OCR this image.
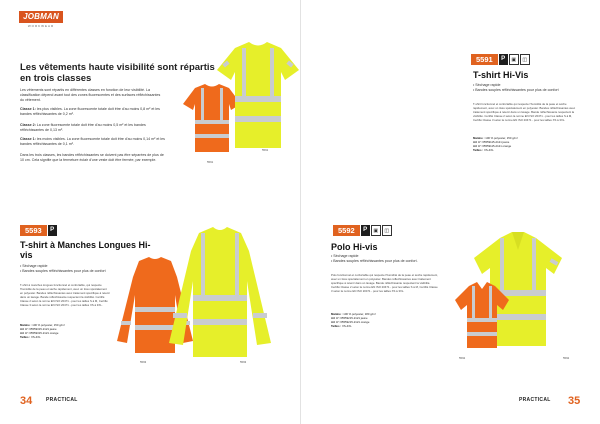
JOBMAN
WORKWEAR
Les vêtements haute visibilité sont répartis en trois classes
Les vêtements sont répartis en différentes classes en fonction de leur visibilité. La classification dépend avant tout des zones fluorescentes et des surfaces réfléchissantes du vêtement.
Classe 1: les plus visibles. La zone fluorescente totale doit être d'au moins 0,8 m² et les bandes réfléchissantes de 0,2 m².
Classe 2: La zone fluorescente totale doit être d'au moins 0,5 m² et les bandes réfléchissantes de 0,13 m².
Classe 1: les moins visibles. La zone fluorescente totale doit être d'au moins 0,14 m² et les bandes réfléchissantes de 0,1 m².
Dans les trois classes, les bandes réfléchissantes se doivent pas être séparées de plus de 10 cm. Cela signifie que la fermeture éclair d'une veste doit être fermée, par exemple.
5591
5591
5593	P
T-shirt à Manches Longues Hi-vis
• Séchage rapide
• Bandes souples réfléchissantes pour plus de confort
T-shirt à manches longues fonctionnel et confortable, qui respecte l'humidité de la peau et sèche rapidement, avec un tissu spécialement en polyester. Bandes réfléchissantes avec traitement spécifique à retenir dans un lavage. Bande réfléchissante respectent la visibilité. Certifié Classe 2 selon la norme EN ISO 20471 - pour les tailles S à M, Certifié Classe 3 selon la norme EN ISO 20471 - pour les tailles XS à 3XL.
Matière : 100 % polyester, 150 g/m²
Art n°: 65559315-2121 jaune
Art n°: 65559315-2121 orange
Tailles : XS-4XL
5593	5593
34	PRACTICAL
5591	P	▣	◫
T-shirt Hi-Vis
• Séchage rapide
• Bandes souples réfléchissantes pour plus de confort
T-shirt fonctionnel et confortable qui respecte l'humidité de la peau et sèche rapidement, avec un tissu spécialement en polyester. Bandes réfléchissantes avec traitement spécifique à retenir dans un lavage. Bande réfléchissante respectent la visibilité. Certifié Classe 2 selon la norme EN ISO 20471 - pour les tailles S à M, Certifié Classe 3 selon la norme EN ISO 20471 - pour les tailles XS à 3XL.
Matière : 100 % polyester, 150 g/m²
Art n°: 65559115-2121 jaune
Art n°: 65559115-2121 orange
Tailles : XS-4XL
5592	P	▣	◫
Polo Hi-vis
• Séchage rapide
• Bandes souples réfléchissantes pour plus de confort.
Polo fonctionnel et confortable qui respecte l'humidité de la peau et sèche rapidement, avec un tissu spécialement en polyester. Bandes réfléchissantes avec traitement spécifique à retenir dans un lavage. Bande réfléchissante respectent la visibilité. Certifié Classe 2 selon la norme EN ISO 20471 - pour les tailles S à M, Certifié Classe 3 selon la norme EN ISO 20471 - pour les tailles XS à 3XL.
Matière : 100 % polyester, 180 g/m²
Art n°: 65559215-2121 jaune
Art n°: 65559215-2121 orange
Tailles : XS-4XL
5592	5592
PRACTICAL 35
